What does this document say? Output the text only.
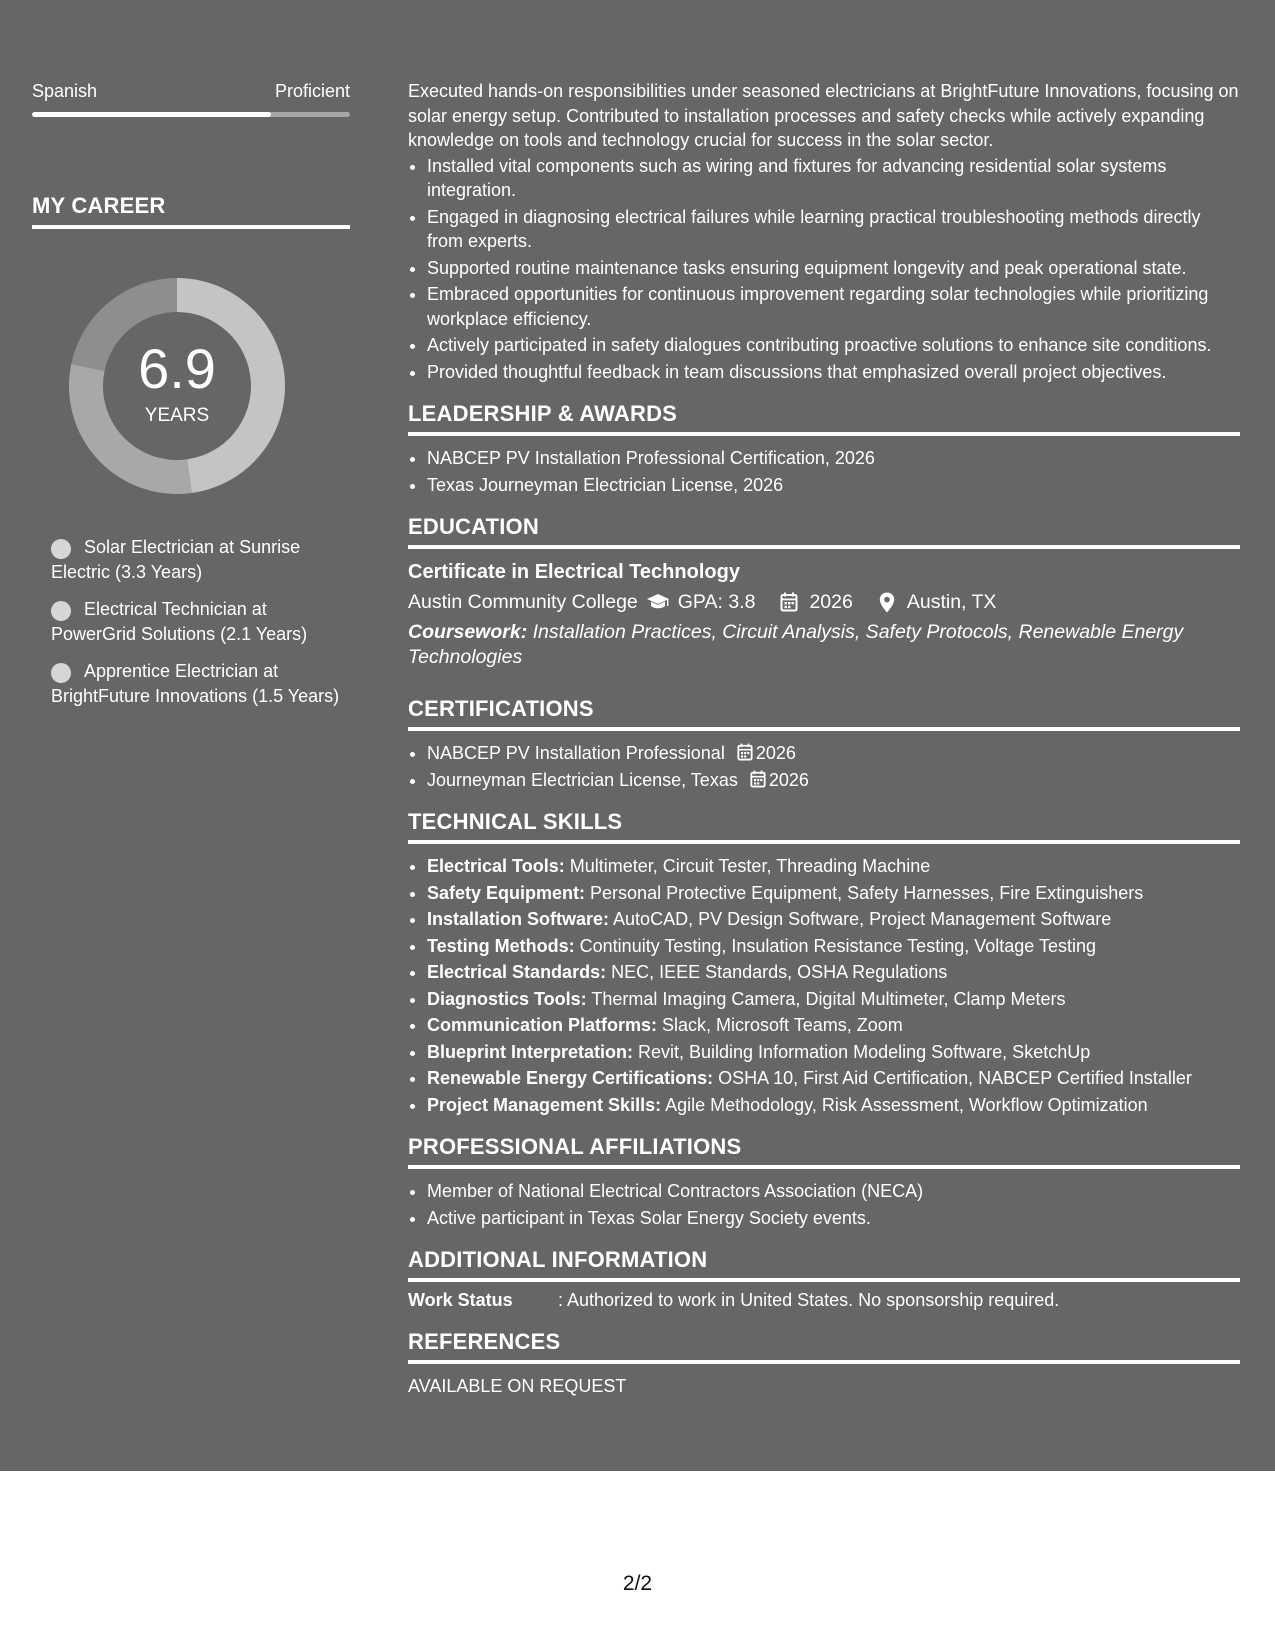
Spanish	Proficient
MY CAREER
6.9
YEARS
Solar Electrician at Sunrise Electric (3.3 Years)
Electrical Technician at PowerGrid Solutions (2.1 Years)
Apprentice Electrician at BrightFuture Innovations (1.5 Years)

Executed hands-on responsibilities under seasoned electricians at BrightFuture Innovations, focusing on solar energy setup. Contributed to installation processes and safety checks while actively expanding knowledge on tools and technology crucial for success in the solar sector.

• Installed vital components such as wiring and fixtures for advancing residential solar systems integration.
• Engaged in diagnosing electrical failures while learning practical troubleshooting methods directly from experts.
• Supported routine maintenance tasks ensuring equipment longevity and peak operational state.
• Embraced opportunities for continuous improvement regarding solar technologies while prioritizing workplace efficiency.
• Actively participated in safety dialogues contributing proactive solutions to enhance site conditions.
• Provided thoughtful feedback in team discussions that emphasized overall project objectives.
LEADERSHIP & AWARDS
• NABCEP PV Installation Professional Certification, 2026
• Texas Journeyman Electrician License, 2026
EDUCATION
Certificate in Electrical Technology
Austin Community College GPA: 3.8	2026	Austin, TX
Coursework: Installation Practices, Circuit Analysis, Safety Protocols, Renewable Energy Technologies
CERTIFICATIONS
• NABCEP PV Installation Professional 2026
• Journeyman Electrician License, Texas 2026
TECHNICAL SKILLS
• Electrical Tools: Multimeter, Circuit Tester, Threading Machine
• Safety Equipment: Personal Protective Equipment, Safety Harnesses, Fire Extinguishers
• Installation Software: AutoCAD, PV Design Software, Project Management Software
• Testing Methods: Continuity Testing, Insulation Resistance Testing, Voltage Testing
• Electrical Standards: NEC, IEEE Standards, OSHA Regulations
• Diagnostics Tools: Thermal Imaging Camera, Digital Multimeter, Clamp Meters
• Communication Platforms: Slack, Microsoft Teams, Zoom
• Blueprint Interpretation: Revit, Building Information Modeling Software, SketchUp
• Renewable Energy Certifications: OSHA 10, First Aid Certification, NABCEP Certified Installer
• Project Management Skills: Agile Methodology, Risk Assessment, Workflow Optimization
PROFESSIONAL AFFILIATIONS
• Member of National Electrical Contractors Association (NECA)
• Active participant in Texas Solar Energy Society events.
ADDITIONAL INFORMATION
Work Status	: Authorized to work in United States. No sponsorship required.
REFERENCES
AVAILABLE ON REQUEST
2/2
